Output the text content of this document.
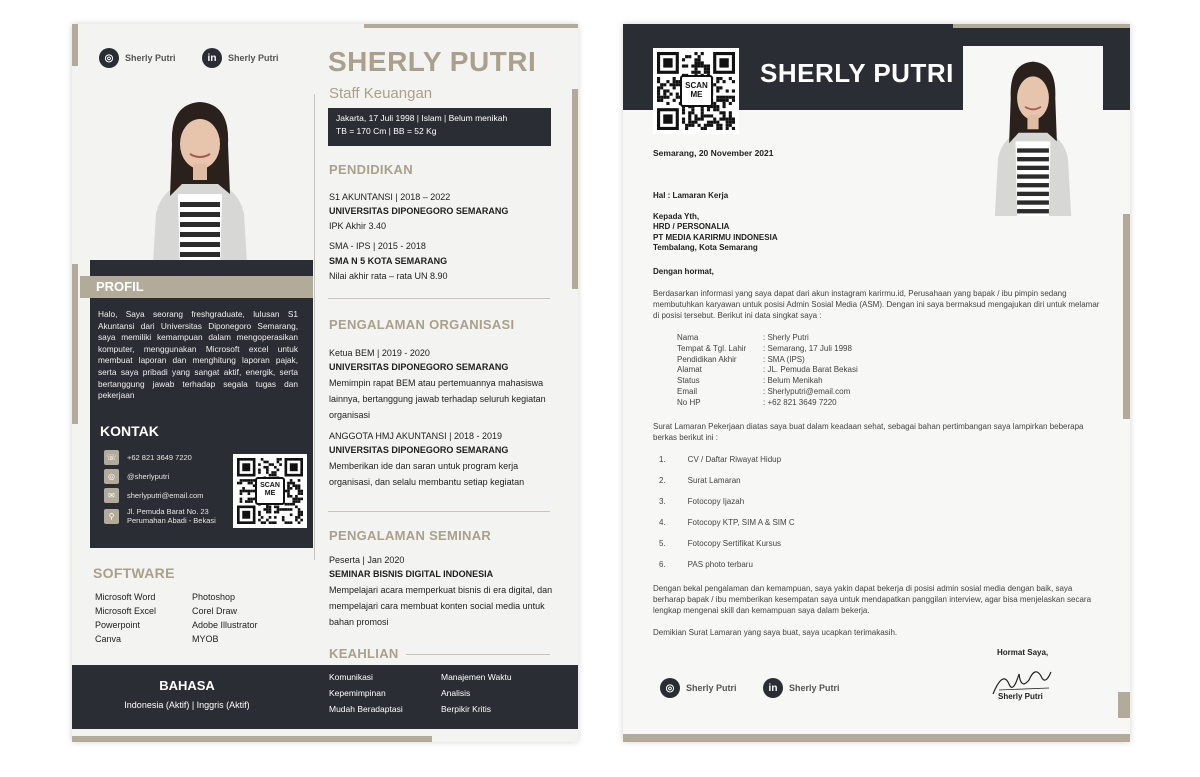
◎	Sherly Putri	in	Sherly Putri
PROFIL
Halo, Saya seorang freshgraduate, lulusan S1 Akuntansi dari Universitas Diponegoro Semarang, saya memiliki kemampuan dalam mengoperasikan komputer, menggunakan Microsoft excel untuk membuat laporan dan menghitung laporan pajak, serta saya pribadi yang sangat aktif, energik, serta bertanggung jawab terhadap segala tugas dan pekerjaan
KONTAK
☏	+62 821 3649 7220
◎	@sherlyputri
✉	sherlyputri@email.com
⚲	Jl. Pemuda Barat No. 23
Perumahan Abadi - Bekasi
SCAN ME
SOFTWARE
Microsoft Word	Photoshop
Microsoft Excel	Corel Draw
Powerpoint	Adobe Illustrator
Canva	MYOB
BAHASA
Indonesia (Aktif) | Inggris (Aktif)
SHERLY PUTRI
Staff Keuangan
Jakarta, 17 Juli 1998 | Islam | Belum menikah
TB = 170 Cm | BB = 52 Kg
PENDIDIKAN
S1 AKUNTANSI | 2018 – 2022
UNIVERSITAS DIPONEGORO SEMARANG
IPK Akhir 3.40
SMA - IPS | 2015 - 2018
SMA N 5 KOTA SEMARANG
Nilai akhir rata – rata UN 8.90
PENGALAMAN ORGANISASI
Ketua BEM | 2019 - 2020
UNIVERSITAS DIPONEGORO SEMARANG
Memimpin rapat BEM atau pertemuannya mahasiswa lainnya, bertanggung jawab terhadap seluruh kegiatan organisasi
ANGGOTA HMJ AKUNTANSI | 2018 - 2019
UNIVERSITAS DIPONEGORO SEMARANG
Memberikan ide dan saran untuk program kerja organisasi, dan selalu membantu setiap kegiatan
PENGALAMAN SEMINAR
Peserta | Jan 2020
SEMINAR BISNIS DIGITAL INDONESIA
Mempelajari acara memperkuat bisnis di era digital, dan mempelajari cara membuat konten social media untuk bahan promosi
KEAHLIAN
Komunikasi	Manajemen Waktu
Kepemimpinan	Analisis
Mudah Beradaptasi	Berpikir Kritis
SCAN ME
SHERLY PUTRI
Semarang, 20 November 2021
Hal : Lamaran Kerja
Kepada Yth,
HRD / PERSONALIA
PT MEDIA KARIRMU INDONESIA
Tembalang, Kota Semarang
Dengan hormat,
Berdasarkan informasi yang saya dapat dari akun instagram karirmu.id, Perusahaan yang bapak / ibu pimpin sedang membutuhkan karyawan untuk posisi Admin Sosial Media (ASM). Dengan ini saya bermaksud mengajukan diri untuk melamar di posisi tersebut. Berikut ini data singkat saya :
Nama	: Sherly Putri
Tempat & Tgl. Lahir	: Semarang, 17 Juli 1998
Pendidikan Akhir	: SMA (IPS)
Alamat	: JL. Pemuda Barat Bekasi
Status	: Belum Menikah
Email	: Sherlyputri@email.com
No HP	: +62 821 3649 7220
Surat Lamaran Pekerjaan diatas saya buat dalam keadaan sehat, sebagai bahan pertimbangan saya lampirkan beberapa berkas berikut ini :
1.	CV / Daftar Riwayat Hidup
2.	Surat Lamaran
3.	Fotocopy Ijazah
4.	Fotocopy KTP, SIM A & SIM C
5.	Fotocopy Sertifikat Kursus
6.	PAS photo terbaru
Dengan bekal pengalaman dan kemampuan, saya yakin dapat bekerja di posisi admin sosial media dengan baik, saya berharap bapak / ibu memberikan kesempatan saya untuk mendapatkan panggilan interview, agar bisa menjelaskan secara lengkap mengenai skill dan kemampuan saya dalam bekerja.
Demikian Surat Lamaran yang saya buat, saya ucapkan terimakasih.
Hormat Saya,
Sherly Putri
◎	Sherly Putri	in	Sherly Putri
